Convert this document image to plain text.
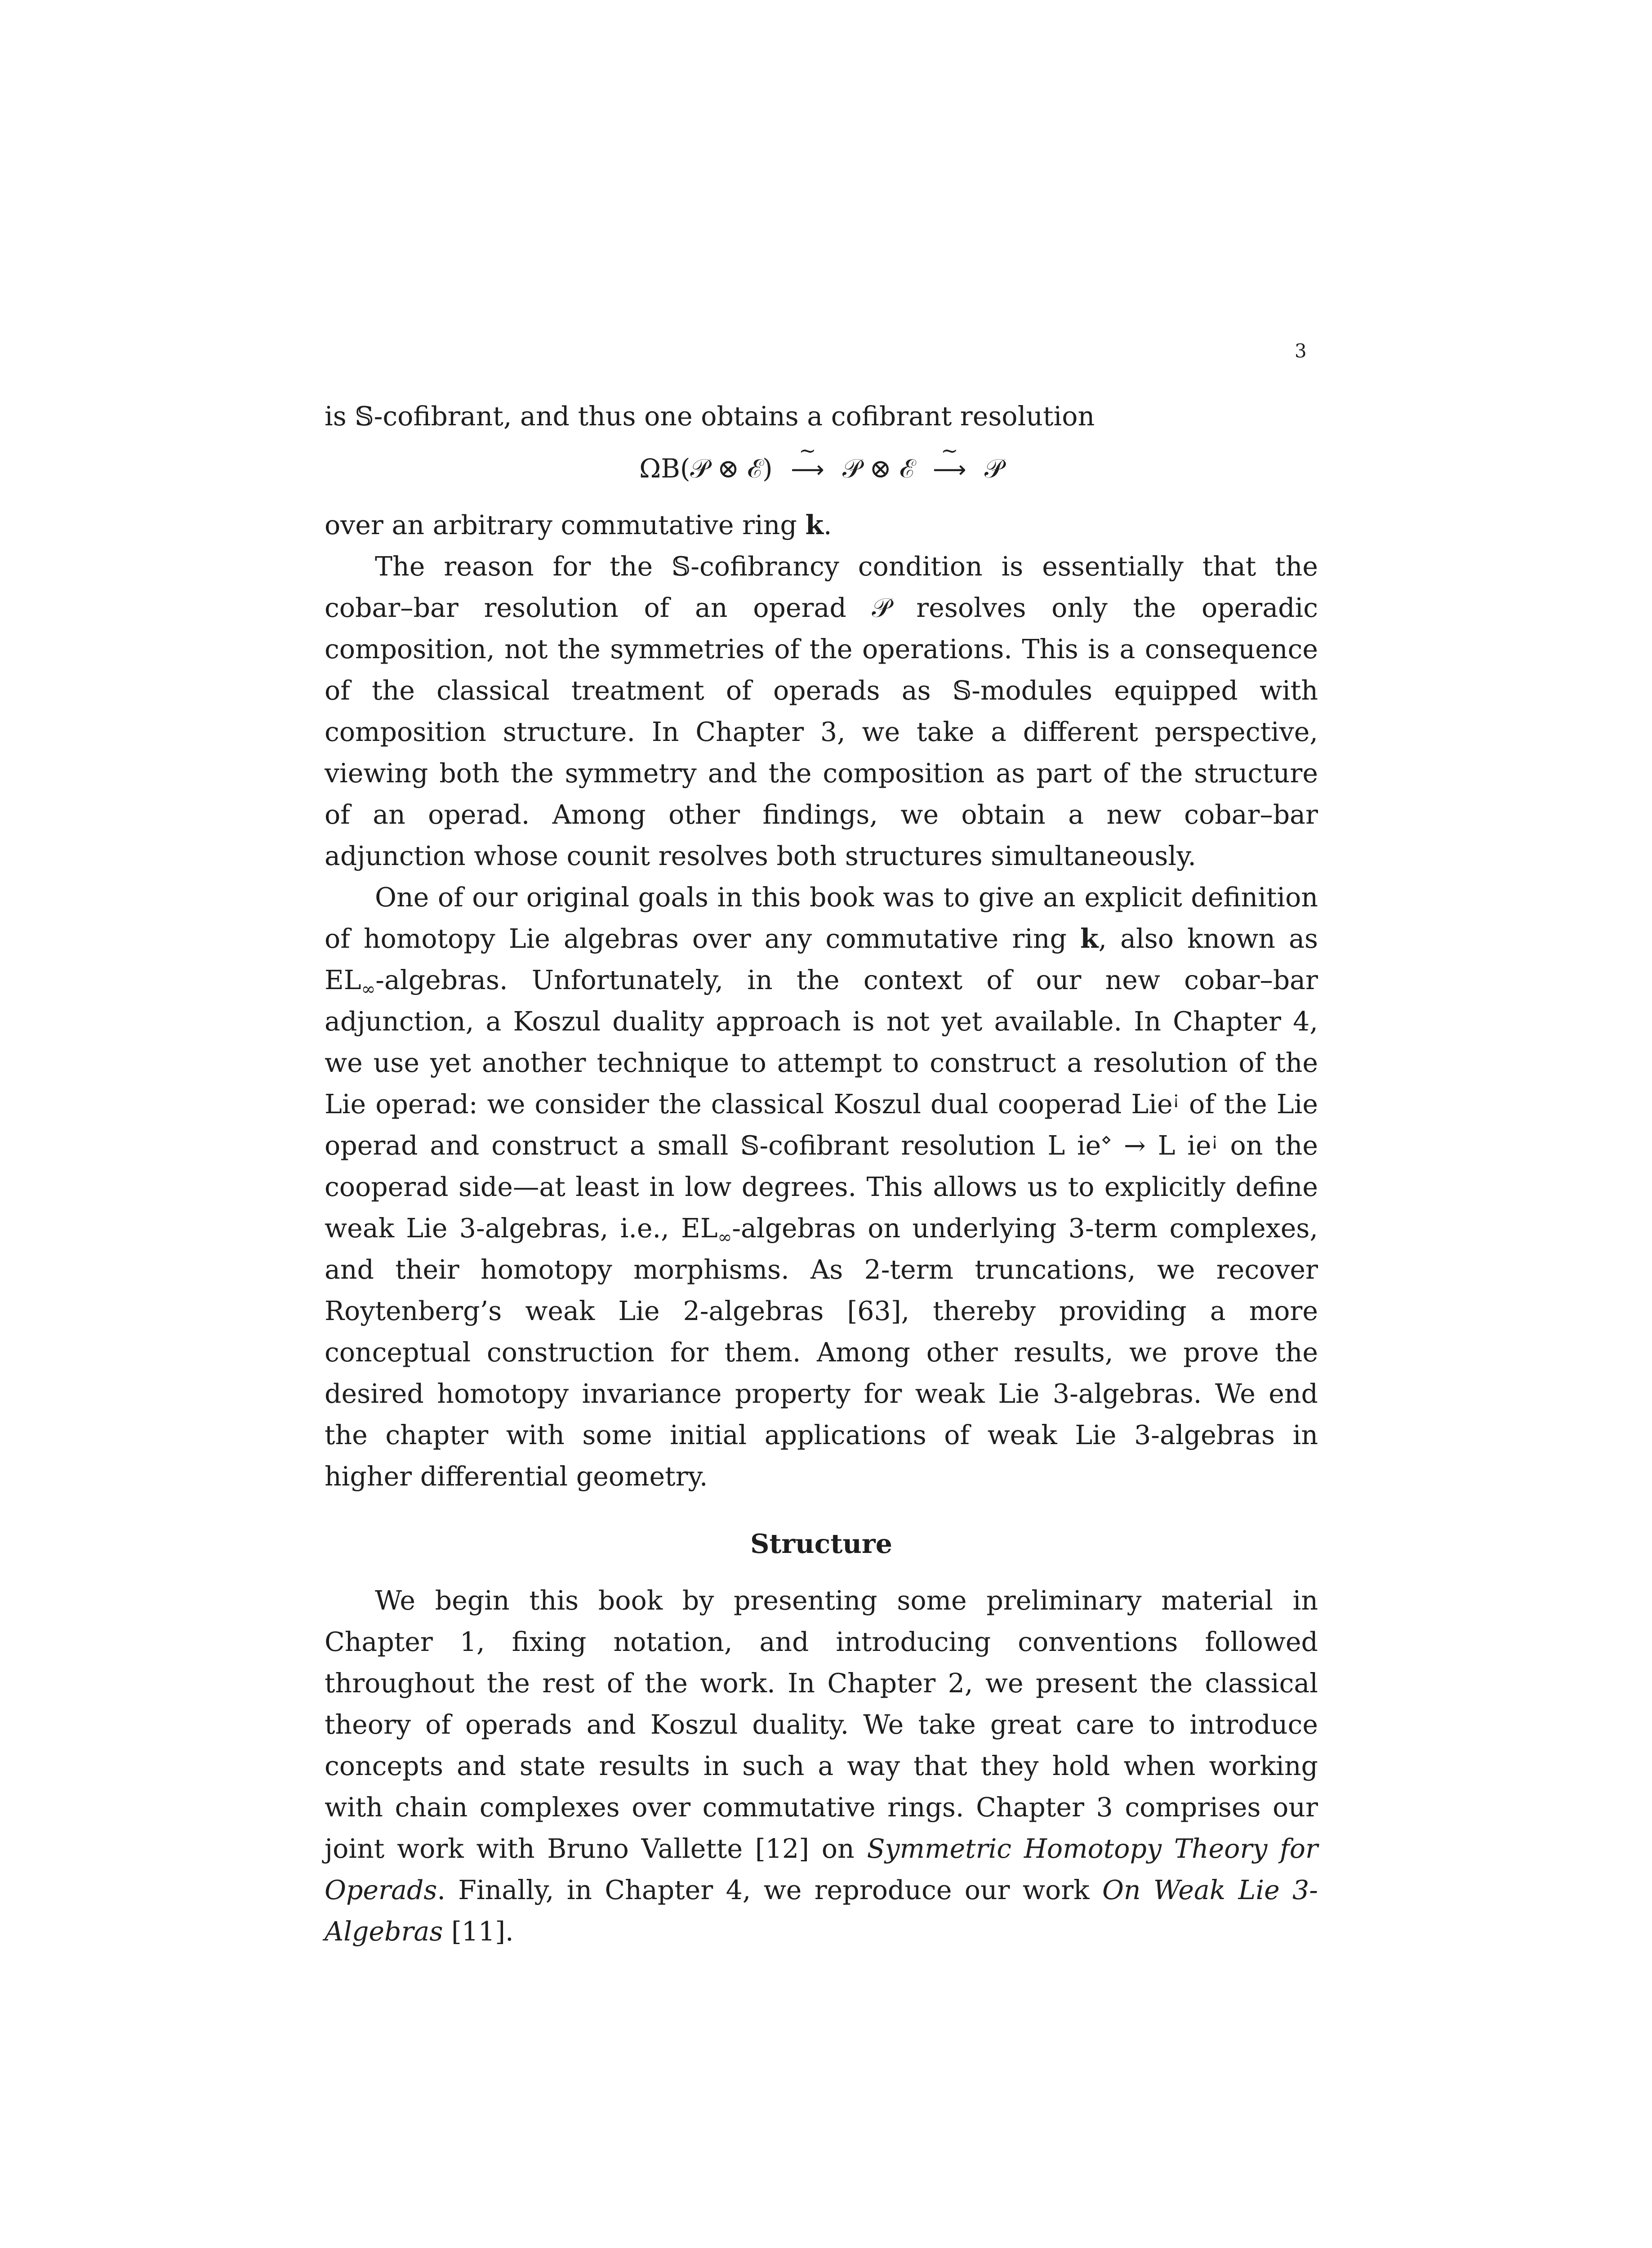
3

is 𝕊-cofibrant, and thus one obtains a cofibrant resolution

ΩB(𝒫 ⊗ ℰ)
~
⟶ 𝒫 ⊗ ℰ
~
⟶ 𝒫

over an arbitrary commutative ring k.

The reason for the 𝕊-cofibrancy condition is essentially that the cobar–bar resolution of an operad 𝒫 resolves only the operadic composition, not the symmetries of the operations. This is a consequence of the classical treatment of operads as 𝕊-modules equipped with composition structure. In Chapter 3, we take a different perspective, viewing both the symmetry and the composition as part of the structure of an operad. Among other findings, we obtain a new cobar–bar adjunction whose counit resolves both structures simultaneously.

One of our original goals in this book was to give an explicit definition of homotopy Lie algebras over any commutative ring k, also known as $EL_\infty$-algebras. Unfortunately, in the context of our new cobar–bar adjunction, a Koszul duality approach is not yet available. In Chapter 4, we use yet another technique to attempt to construct a resolution of the Lie operad: we consider the classical Koszul dual cooperad Lie¡ of the Lie operad and construct a small 𝕊-cofibrant resolution L ie⋄ → L ie¡ on the cooperad side—at least in low degrees. This allows us to explicitly define weak Lie 3-algebras, i.e., $EL_\infty$-algebras on underlying 3-term complexes, and their homotopy morphisms. As 2-term truncations, we recover Roytenberg’s weak Lie 2-algebras [63], thereby providing a more conceptual construction for them. Among other results, we prove the desired homotopy invariance property for weak Lie 3-algebras. We end the chapter with some initial applications of weak Lie 3-algebras in higher differential geometry.

Structure

We begin this book by presenting some preliminary material in Chapter 1, fixing notation, and introducing conventions followed throughout the rest of the work. In Chapter 2, we present the classical theory of operads and Koszul duality. We take great care to introduce concepts and state results in such a way that they hold when working with chain complexes over commutative rings. Chapter 3 comprises our joint work with Bruno Vallette [12] on Symmetric Homotopy Theory for Operads. Finally, in Chapter 4, we reproduce our work On Weak Lie 3-Algebras [11].
